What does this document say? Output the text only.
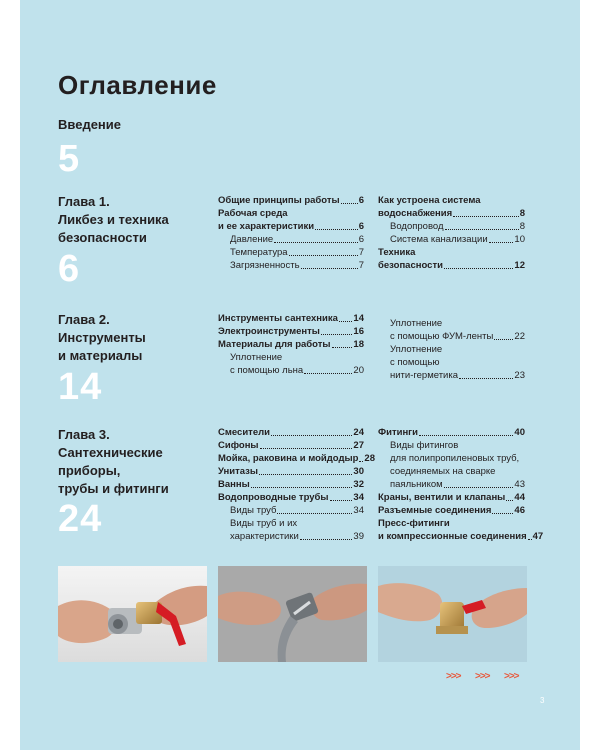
Оглавление
Введение
5
Глава 1.
Ликбез и техника
безопасности
6
Общие принципы работы 6
Рабочая среда
и ее характеристики	6
Давление	6
Температура	7
Загрязненность	7
Как устроена система
водоснабжения	8
Водопровод	8
Система канализации	10
Техника
безопасности	12
Глава 2.
Инструменты
и материалы
14
Инструменты сантехника 14
Электроинструменты	16
Материалы для работы 18
Уплотнение
с помощью льна	20
Уплотнение
с помощью ФУМ-ленты 22
Уплотнение
с помощью
нити-герметика	23
Глава 3.
Сантехнические
приборы,
трубы и фитинги
24
Смесители	24
Сифоны	27
Мойка, раковина и мойдодыр 28
Унитазы	30
Ванны	32
Водопроводные трубы	34
Виды труб	34
Виды труб и их
характеристики	39
Фитинги	40
Виды фитингов
для полипропиленовых труб,
соединяемых на сварке
паяльником	43
Краны, вентили и клапаны 44
Разъемные соединения 46
Пресс-фитинги
и компрессионные соединения 47
>>> >>> >>>
3
